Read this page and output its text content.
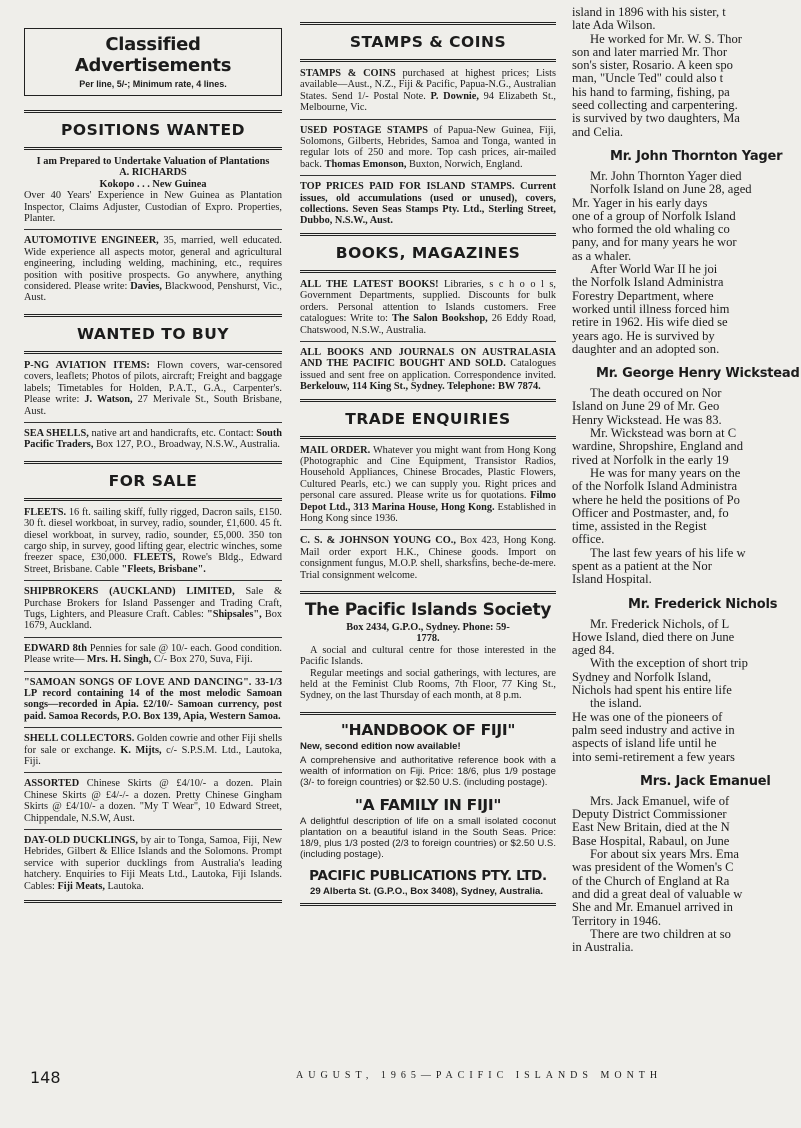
Classified Advertisements

Per line, 5/-; Minimum rate, 4 lines.

POSITIONS WANTED

I am Prepared to Undertake Valuation of Plantations

A. RICHARDS

Kokopo . . . New Guinea

Over 40 Years' Experience in New Guinea as Plantation Inspector, Claims Adjuster, Custodian of Expro. Properties, Planter.

AUTOMOTIVE ENGINEER, 35, married, well educated. Wide experience all aspects motor, general and agricultural engineering, including welding, machining, etc., requires position with positive prospects. Go anywhere, anything considered. Please write: Davies, Blackwood, Penshurst, Vic., Aust.

WANTED TO BUY

P-NG AVIATION ITEMS: Flown covers, war-censored covers, leaflets; Photos of pilots, aircraft; Freight and baggage labels; Timetables for Holden, P.A.T., G.A., Carpenter's. Please write: J. Watson, 27 Merivale St., South Brisbane, Aust.

SEA SHELLS, native art and handicrafts, etc. Contact: South Pacific Traders, Box 127, P.O., Broadway, N.S.W., Australia.

FOR SALE

FLEETS. 16 ft. sailing skiff, fully rigged, Dacron sails, £150. 30 ft. diesel workboat, in survey, radio, sounder, £1,600. 45 ft. diesel workboat, in survey, radio, sounder, £5,000. 350 ton cargo ship, in survey, good lifting gear, electric winches, some freezer space, £30,000. FLEETS, Rowe's Bldg., Edward Street, Brisbane. Cable "Fleets, Brisbane".

SHIPBROKERS (AUCKLAND) LIMITED, Sale & Purchase Brokers for Island Passenger and Trading Craft, Tugs, Lighters, and Pleasure Craft. Cables: "Shipsales", Box 1679, Auckland.

EDWARD 8th Pennies for sale @ 10/- each. Good condition. Please write— Mrs. H. Singh, C/- Box 270, Suva, Fiji.

"SAMOAN SONGS OF LOVE AND DANCING". 33-1/3 LP record containing 14 of the most melodic Samoan songs—recorded in Apia. £2/10/- Samoan currency, post paid. Samoa Records, P.O. Box 139, Apia, Western Samoa.

SHELL COLLECTORS. Golden cowrie and other Fiji shells for sale or exchange. K. Mijts, c/- S.P.S.M. Ltd., Lautoka, Fiji.

ASSORTED Chinese Skirts @ £4/10/- a dozen. Plain Chinese Skirts @ £4/-/- a dozen. Pretty Chinese Gingham Skirts @ £4/10/- a dozen. "My T Wear", 10 Edward Street, Chippendale, N.S.W, Aust.

DAY-OLD DUCKLINGS, by air to Tonga, Samoa, Fiji, New Hebrides, Gilbert & Ellice Islands and the Solomons. Prompt service with superior ducklings from Australia's leading hatchery. Enquiries to Fiji Meats Ltd., Lautoka, Fiji Islands. Cables: Fiji Meats, Lautoka.

STAMPS & COINS

STAMPS & COINS purchased at highest prices; Lists available—Aust., N.Z., Fiji & Pacific, Papua-N.G., Australian States. Send 1/- Postal Note. P. Downie, 94 Elizabeth St., Melbourne, Vic.

USED POSTAGE STAMPS of Papua-New Guinea, Fiji, Solomons, Gilberts, Hebrides, Samoa and Tonga, wanted in regular lots of 250 and more. Top cash prices, air-mailed back. Thomas Emonson, Buxton, Norwich, England.

TOP PRICES PAID FOR ISLAND STAMPS. Current issues, old accumulations (used or unused), covers, collections. Seven Seas Stamps Pty. Ltd., Sterling Street, Dubbo, N.S.W., Aust.

BOOKS, MAGAZINES

ALL THE LATEST BOOKS! Libraries, s c h o o l s, Government Departments, supplied. Discounts for bulk orders. Personal attention to Islands customers. Free catalogues: Write to: The Salon Bookshop, 26 Eddy Road, Chatswood, N.S.W., Australia.

ALL BOOKS AND JOURNALS ON AUSTRALASIA AND THE PACIFIC BOUGHT AND SOLD. Catalogues issued and sent free on application. Correspondence invited. Berkelouw, 114 King St., Sydney. Telephone: BW 7874.

TRADE ENQUIRIES

MAIL ORDER. Whatever you might want from Hong Kong (Photographic and Cine Equipment, Transistor Radios, Household Appliances, Chinese Brocades, Plastic Flowers, Cultured Pearls, etc.) we can supply you. Right prices and personal care assured. Please write us for quotations. Filmo Depot Ltd., 313 Marina House, Hong Kong. Established in Hong Kong since 1936.

C. S. & JOHNSON YOUNG CO., Box 423, Hong Kong. Mail order export H.K., Chinese goods. Import on consignment fungus, M.O.P. shell, sharksfins, beche-de-mere. Trial consignment welcome.

The Pacific Islands Society

Box 2434, G.P.O., Sydney. Phone: 59-1778.

A social and cultural centre for those interested in the Pacific Islands.

Regular meetings and social gatherings, with lectures, are held at the Feminist Club Rooms, 7th Floor, 77 King St., Sydney, on the last Thursday of each month, at 8 p.m.

"HANDBOOK OF FIJI"

New, second edition now available!

A comprehensive and authoritative reference book with a wealth of information on Fiji. Price: 18/6, plus 1/9 postage (3/- to foreign countries) or $2.50 U.S. (including postage).

"A FAMILY IN FIJI"

A delightful description of life on a small isolated coconut plantation on a beautiful island in the South Seas. Price: 18/9, plus 1/3 posted (2/3 to foreign countries) or $2.50 U.S. (including postage).

PACIFIC PUBLICATIONS PTY. LTD.

29 Alberta St. (G.P.O., Box 3408), Sydney, Australia.

island in 1896 with his sister, t

late Ada Wilson.

He worked for Mr. W. S. Thor

son and later married Mr. Thor

son's sister, Rosario. A keen spo

man, "Uncle Ted" could also t

his hand to farming, fishing, pa

seed collecting and carpentering.

is survived by two daughters, Ma

and Celia.

Mr. John Thornton Yager

Mr. John Thornton Yager died

Norfolk Island on June 28, aged

Mr. Yager in his early days

one of a group of Norfolk Island

who formed the old whaling co

pany, and for many years he wor

as a whaler.

After World War II he joi

the Norfolk Island Administra

Forestry Department, where

worked until illness forced him

retire in 1962. His wife died se

years ago. He is survived by

daughter and an adopted son.

Mr. George Henry Wickstead

The death occured on Nor

Island on June 29 of Mr. Geo

Henry Wickstead. He was 83.

Mr. Wickstead was born at C

wardine, Shropshire, England and

rived at Norfolk in the early 19

He was for many years on the

of the Norfolk Island Administra

where he held the positions of Po

Officer and Postmaster, and, fo

time, assisted in the Regist

office.

The last few years of his life w

spent as a patient at the Nor

Island Hospital.

Mr. Frederick Nichols

Mr. Frederick Nichols, of L

Howe Island, died there on June

aged 84.

With the exception of short trip

Sydney and Norfolk Island,

Nichols had spent his entire life

the island.

He was one of the pioneers of

palm seed industry and active in

aspects of island life until he

into semi-retirement a few years

Mrs. Jack Emanuel

Mrs. Jack Emanuel, wife of

Deputy District Commissioner

East New Britain, died at the N

Base Hospital, Rabaul, on June

For about six years Mrs. Ema

was president of the Women's C

of the Church of England at Ra

and did a great deal of valuable w

She and Mr. Emanuel arrived in

Territory in 1946.

There are two children at so

in Australia.

148	AUGUST, 1965—PACIFIC ISLANDS MONTH
